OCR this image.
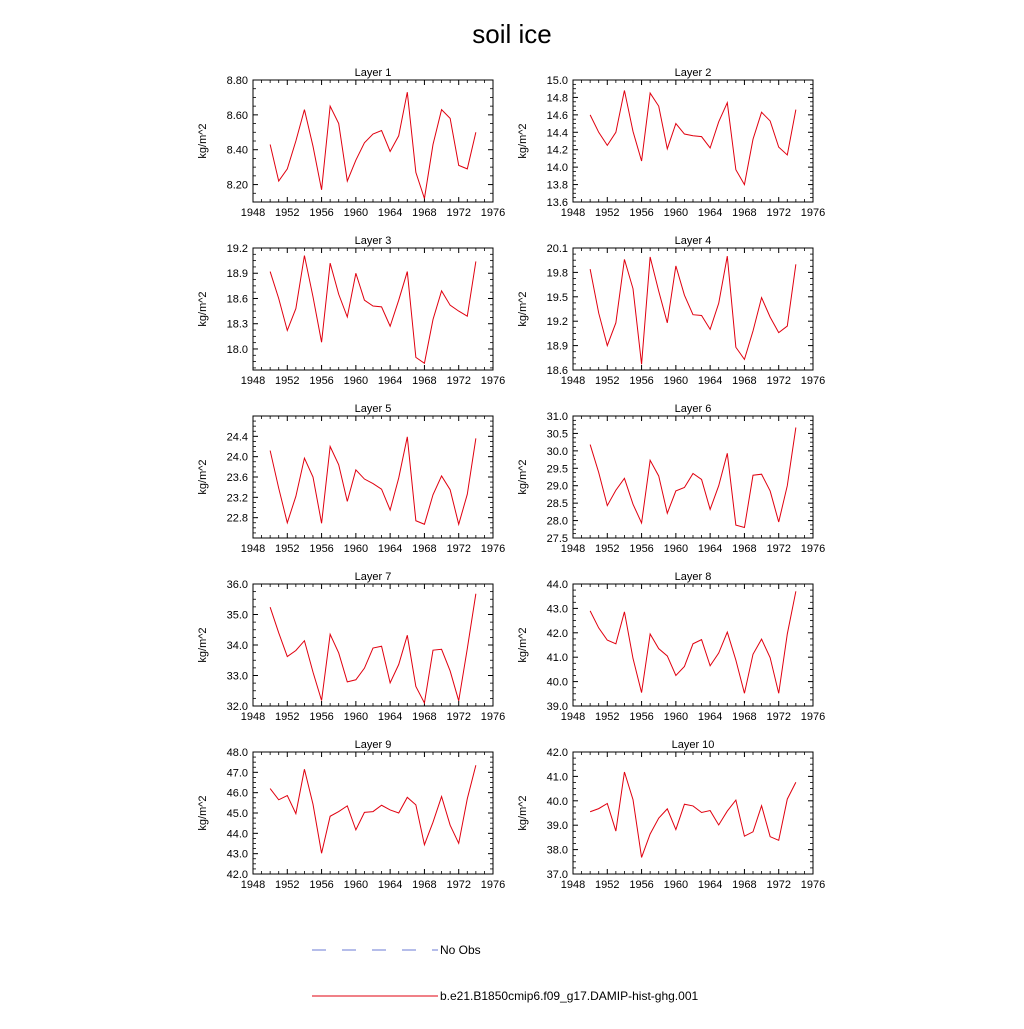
soil ice
Layer 1
kg/m^2
1948 1952 1956 1960 1964 1968 1972 1976
8.20
8.40
8.60
8.80
Layer 2
kg/m^2
1948 1952 1956 1960 1964 1968 1972 1976
13.6
13.8
14.0
14.2
14.4
14.6
14.8
15.0
Layer 3
kg/m^2
1948 1952 1956 1960 1964 1968 1972 1976
18.0
18.3
18.6
18.9
19.2
Layer 4
kg/m^2
1948 1952 1956 1960 1964 1968 1972 1976
18.6
18.9
19.2
19.5
19.8
20.1
Layer 5
kg/m^2
1948 1952 1956 1960 1964 1968 1972 1976
22.8
23.2
23.6
24.0
24.4
Layer 6
kg/m^2
1948 1952 1956 1960 1964 1968 1972 1976
27.5
28.0
28.5
29.0
29.5
30.0
30.5
31.0
Layer 7
kg/m^2
1948 1952 1956 1960 1964 1968 1972 1976
32.0
33.0
34.0
35.0
36.0
Layer 8
kg/m^2
1948 1952 1956 1960 1964 1968 1972 1976
39.0
40.0
41.0
42.0
43.0
44.0
Layer 9
kg/m^2
1948 1952 1956 1960 1964 1968 1972 1976
42.0
43.0
44.0
45.0
46.0
47.0
48.0
Layer 10
kg/m^2
1948 1952 1956 1960 1964 1968 1972 1976
37.0
38.0
39.0
40.0
41.0
42.0
No Obs
b.e21.B1850cmip6.f09_g17.DAMIP-hist-ghg.001
